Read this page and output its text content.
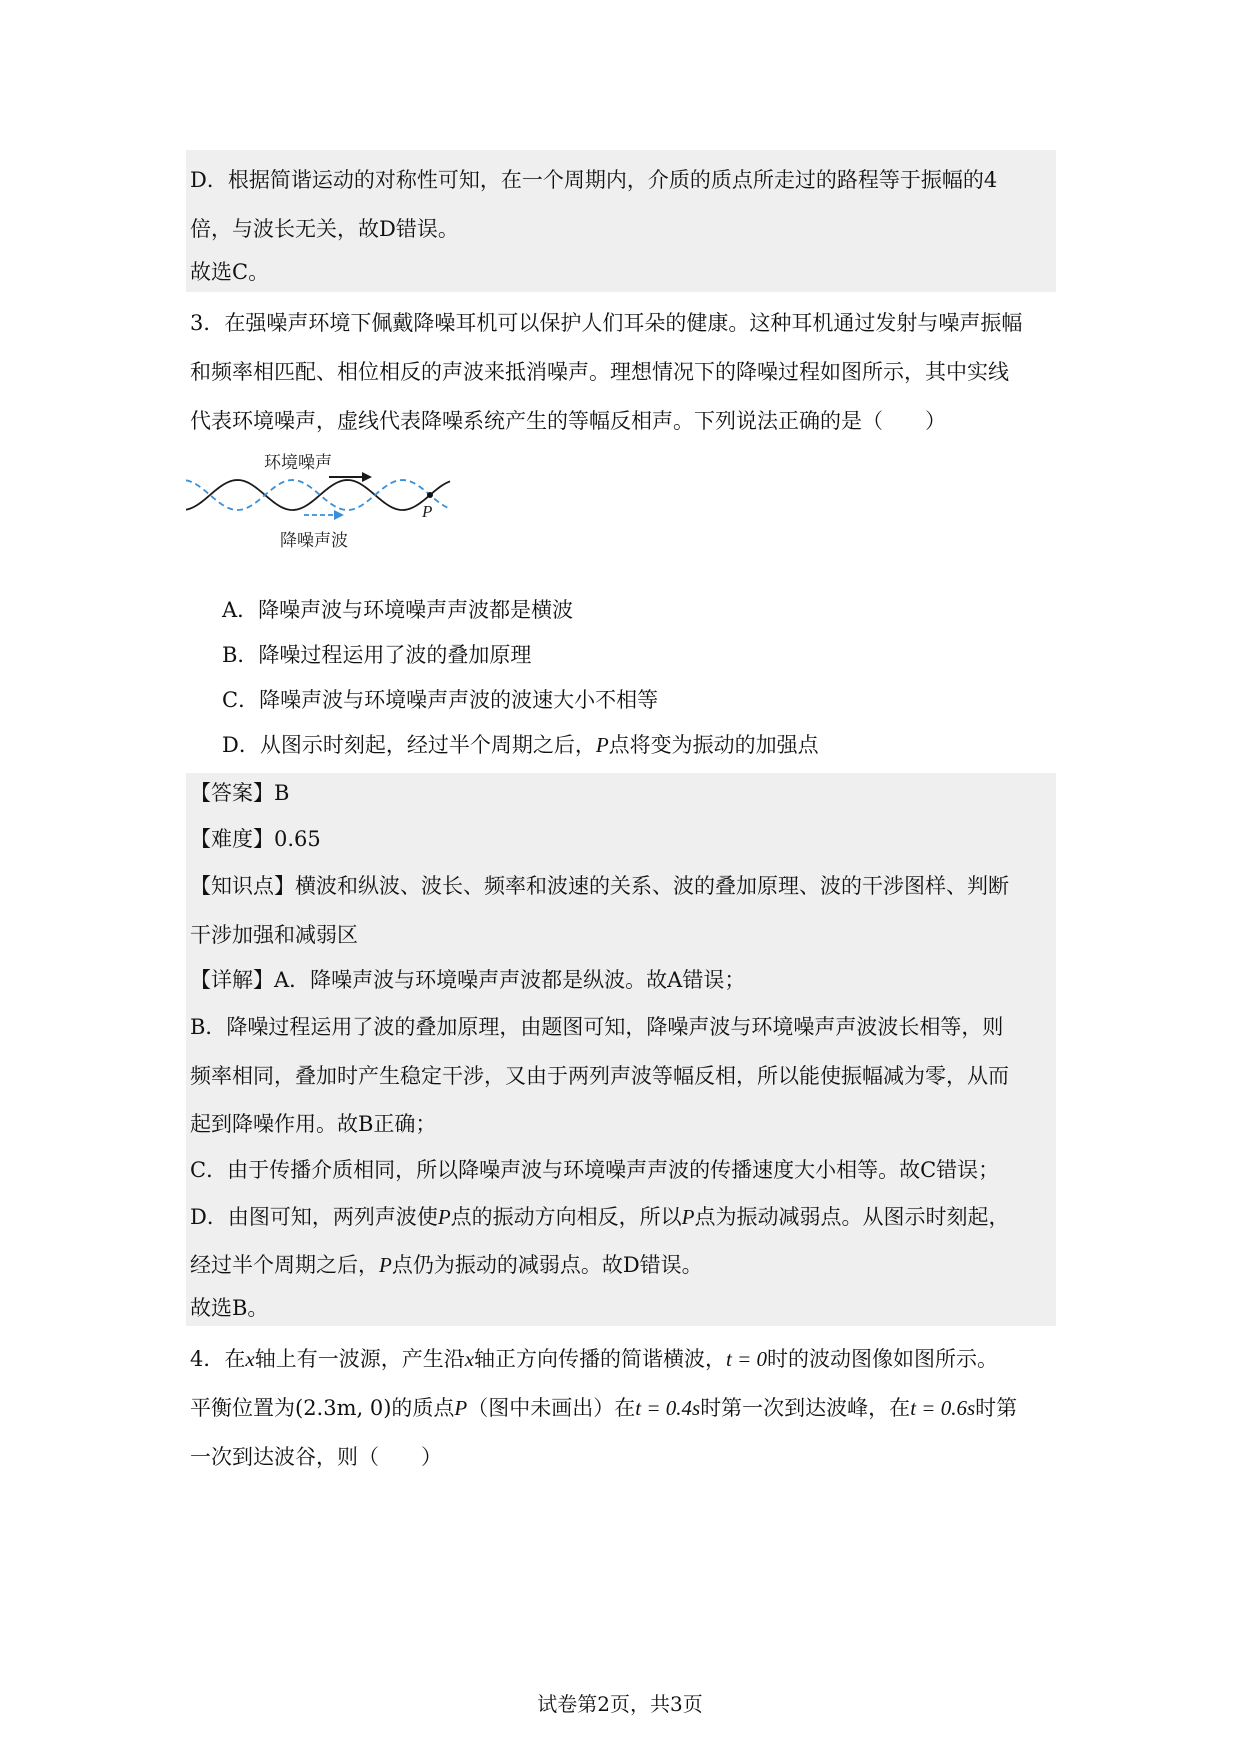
D．根据简谐运动的对称性可知，在一个周期内，介质的质点所走过的路程等于振幅的4
倍，与波长无关，故D错误。
故选C。
3．在强噪声环境下佩戴降噪耳机可以保护人们耳朵的健康。这种耳机通过发射与噪声振幅
和频率相匹配、相位相反的声波来抵消噪声。理想情况下的降噪过程如图所示，其中实线
代表环境噪声，虚线代表降噪系统产生的等幅反相声。下列说法正确的是（　　）
环境噪声
降噪声波
P
A．降噪声波与环境噪声声波都是横波
B．降噪过程运用了波的叠加原理
C．降噪声波与环境噪声声波的波速大小不相等
D．从图示时刻起，经过半个周期之后，P点将变为振动的加强点
【答案】B
【难度】0.65
【知识点】横波和纵波、波长、频率和波速的关系、波的叠加原理、波的干涉图样、判断
干涉加强和减弱区
【详解】A．降噪声波与环境噪声声波都是纵波。故A错误；
B．降噪过程运用了波的叠加原理，由题图可知，降噪声波与环境噪声声波波长相等，则
频率相同，叠加时产生稳定干涉，又由于两列声波等幅反相，所以能使振幅减为零，从而
起到降噪作用。故B正确；
C．由于传播介质相同，所以降噪声波与环境噪声声波的传播速度大小相等。故C错误；
D．由图可知，两列声波使P点的振动方向相反，所以P点为振动减弱点。从图示时刻起，
经过半个周期之后，P点仍为振动的减弱点。故D错误。
故选B。
4．在x轴上有一波源，产生沿x轴正方向传播的简谐横波，t = 0时的波动图像如图所示。
平衡位置为(2.3m, 0)的质点P（图中未画出）在t = 0.4s时第一次到达波峰，在t = 0.6s时第
一次到达波谷，则（　　）
试卷第2页，共3页
